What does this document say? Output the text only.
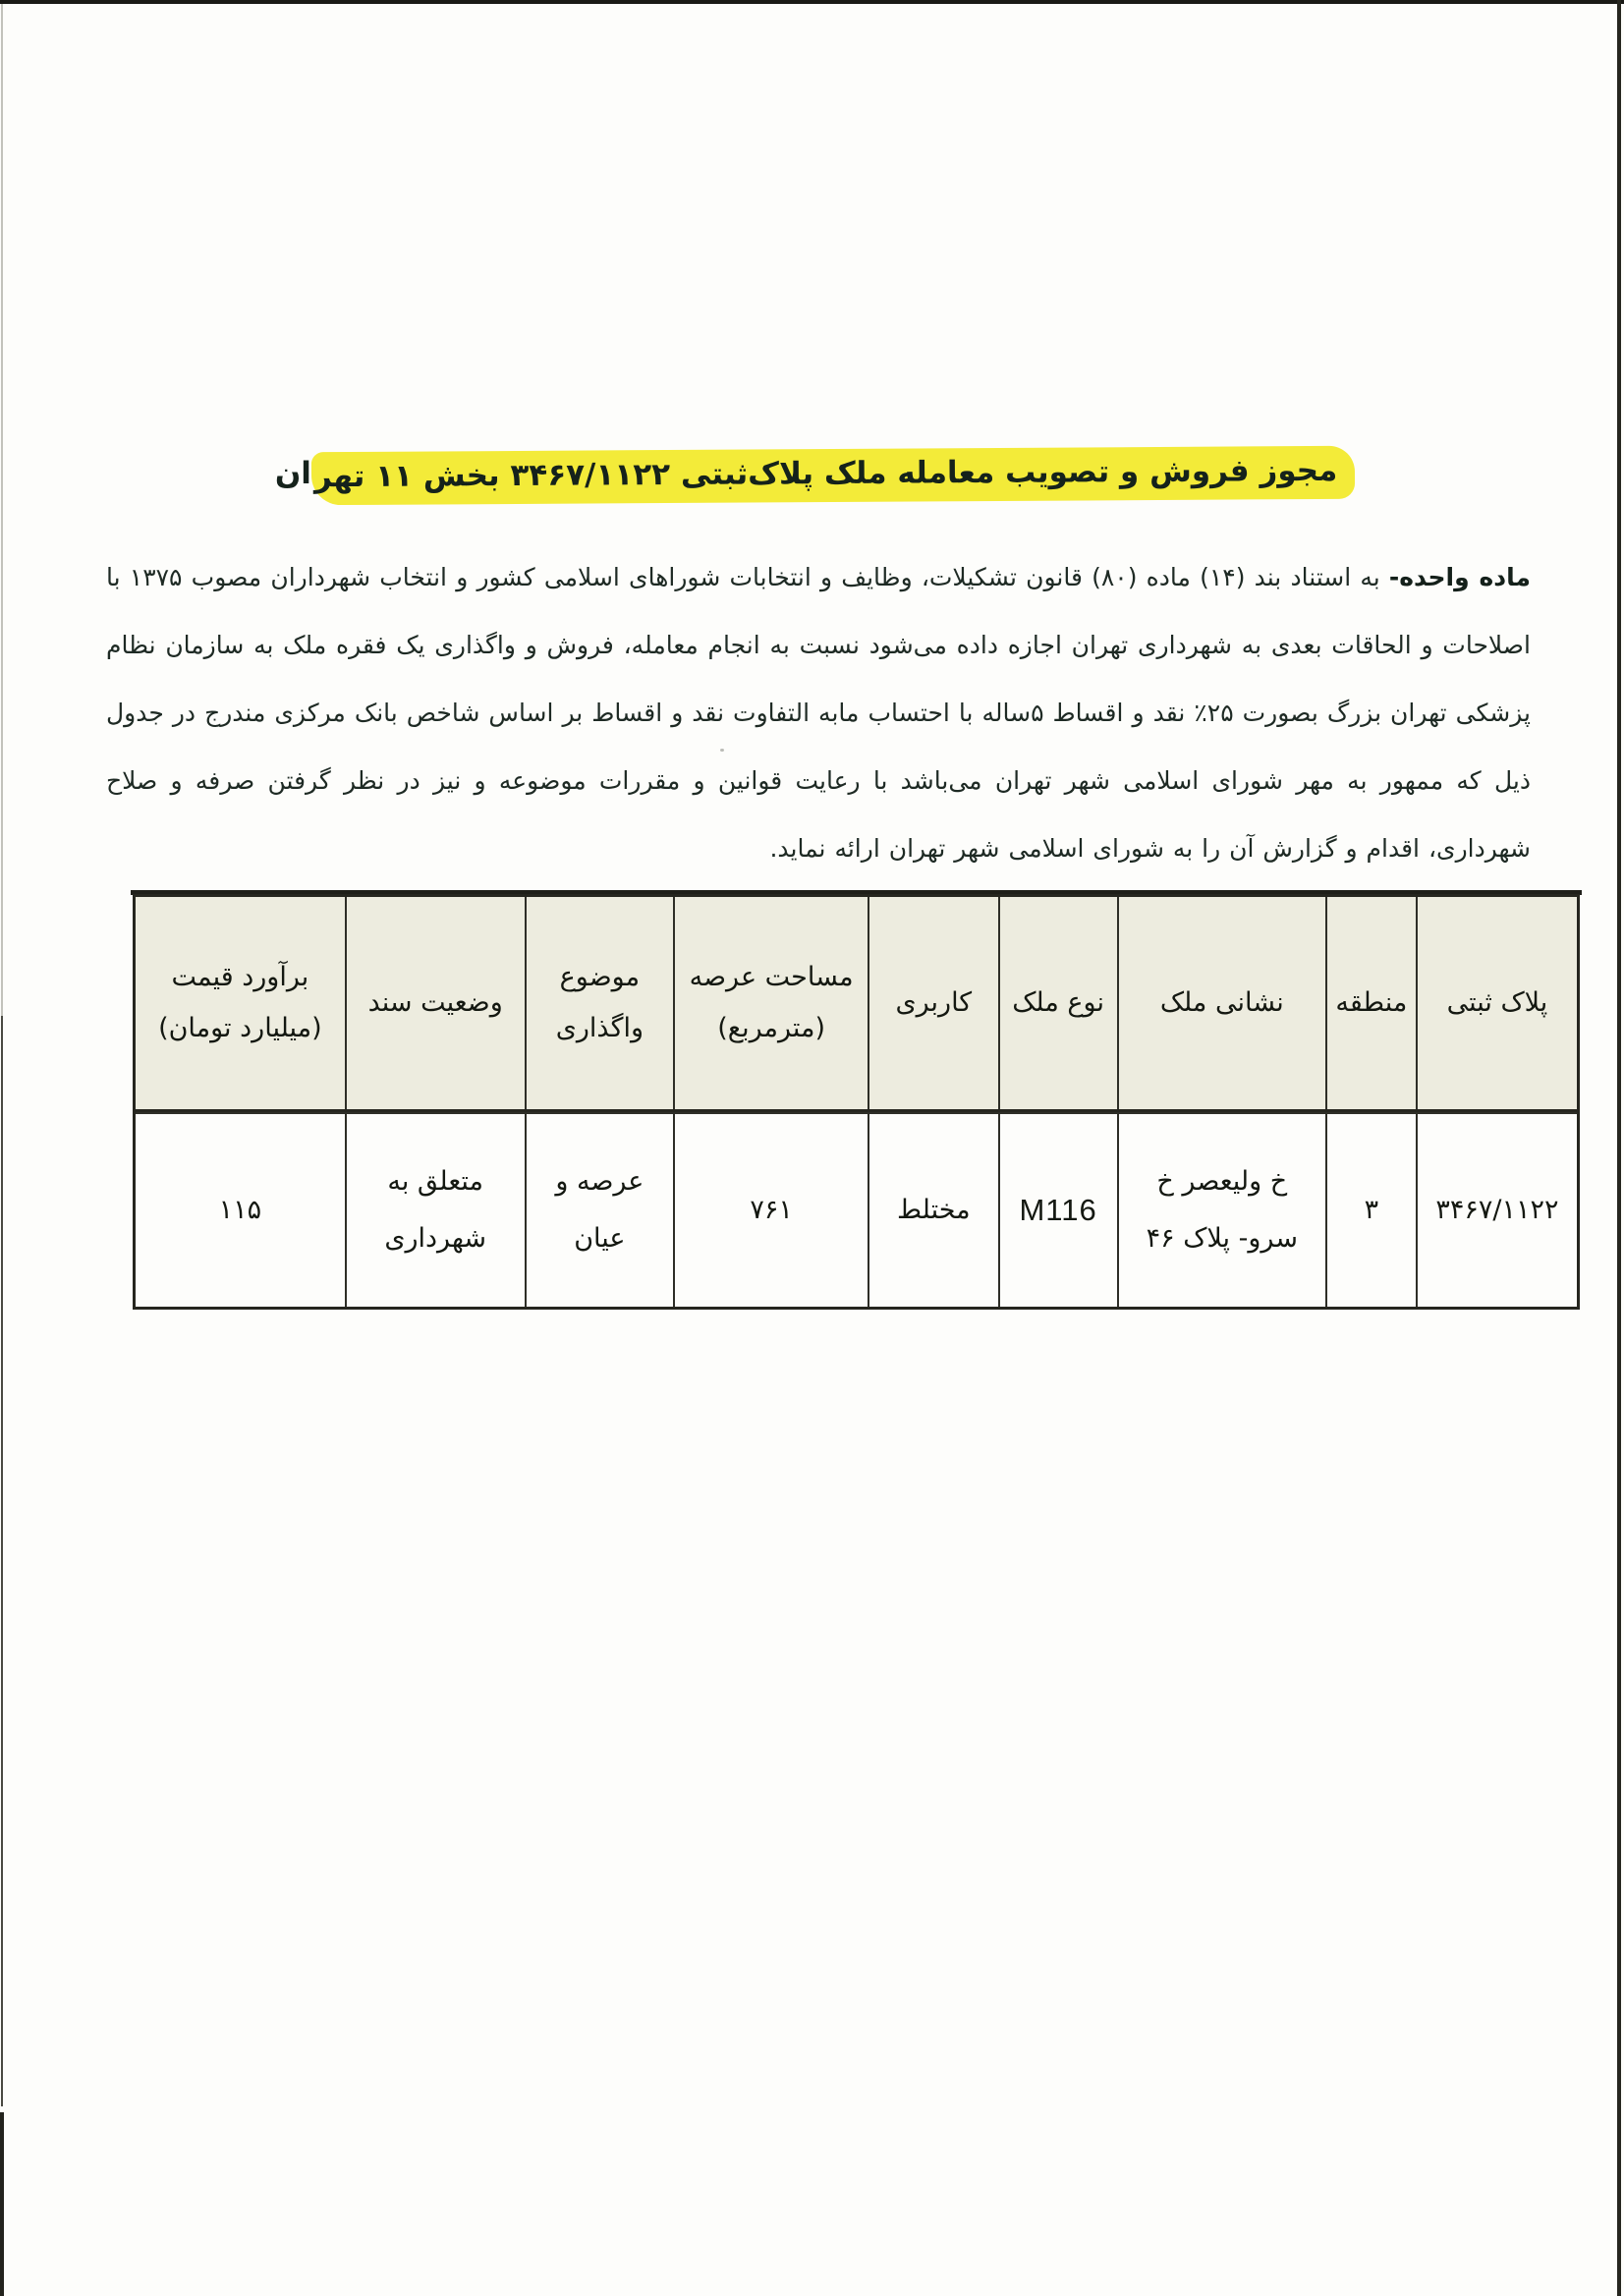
مجوز فروش و تصویب معامله ملک پلاک‌ثبتی ۳۴۶۷/۱۱۲۲ بخش ۱۱ تهران

ماده واحده- به استناد بند (۱۴) ماده (۸۰) قانون تشکیلات، وظایف و انتخابات شوراهای اسلامی کشور و انتخاب شهرداران مصوب ۱۳۷۵ با اصلاحات و الحاقات بعدی به شهرداری تهران اجازه داده می‌شود نسبت به انجام معامله، فروش و واگذاری یک فقره ملک به سازمان نظام پزشکی تهران بزرگ بصورت ۲۵٪ نقد و اقساط ۵ساله با احتساب مابه التفاوت نقد و اقساط بر اساس شاخص بانک مرکزی مندرج در جدول ذیل که ممهور به مهر شورای اسلامی شهر تهران می‌باشد با رعایت قوانین و مقررات موضوعه و نیز در نظر گرفتن صرفه و صلاح شهرداری، اقدام و گزارش آن را به شورای اسلامی شهر تهران ارائه نماید.

پلاک ثبتی	منطقه	نشانی ملک	نوع ملک	کاربری	مساحت عرصه (مترمربع)	موضوع واگذاری	وضعیت سند	برآورد قیمت (میلیارد تومان)
۳۴۶۷/۱۱۲۲	۳	خ ولیعصر خ سرو- پلاک ۴۶	M116	مختلط	۷۶۱	عرصه و عیان	متعلق به شهرداری	۱۱۵
